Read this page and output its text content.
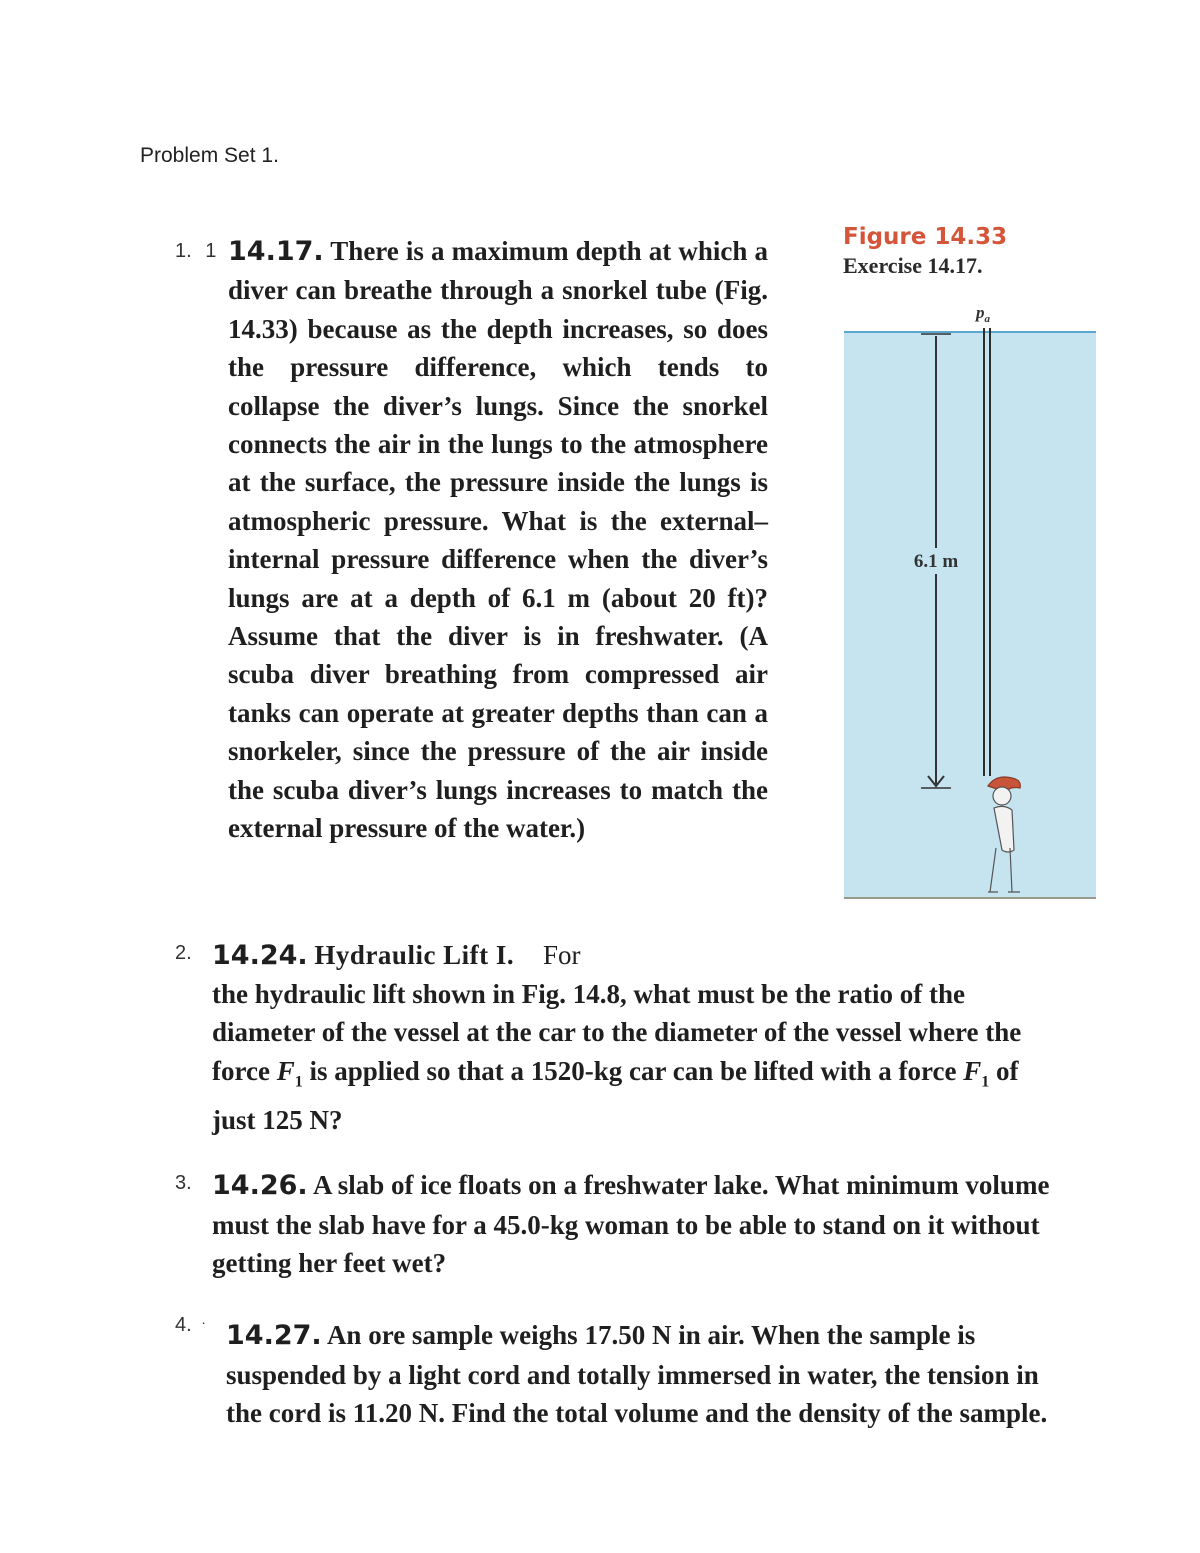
Problem Set 1.
1. 1 14.17. There is a maximum depth at which a diver can breathe through a snorkel tube (Fig. 14.33) because as the depth increases, so does the pressure difference, which tends to collapse the diver’s lungs. Since the snorkel connects the air in the lungs to the atmosphere at the surface, the pressure inside the lungs is atmospheric pressure. What is the external–internal pressure difference when the diver’s lungs are at a depth of 6.1 m (about 20 ft)? Assume that the diver is in freshwater. (A scuba diver breathing from compressed air tanks can operate at greater depths than can a snorkeler, since the pressure of the air inside the scuba diver’s lungs increases to match the external pressure of the water.)
Figure 14.33
Exercise 14.17.
$p_a$
6.1 m
2. 14.24. Hydraulic Lift I. For
the hydraulic lift shown in Fig. 14.8, what must be the ratio of the diameter of the vessel at the car to the diameter of the vessel where the force $F_1$ is applied so that a 1520-kg car can be lifted with a force $F_1$ of just 125 N?
3. 14.26. A slab of ice floats on a freshwater lake. What minimum volume must the slab have for a 45.0-kg woman to be able to stand on it without getting her feet wet?
4. · 14.27. An ore sample weighs 17.50 N in air. When the sample is suspended by a light cord and totally immersed in water, the tension in the cord is 11.20 N. Find the total volume and the density of the sample.
